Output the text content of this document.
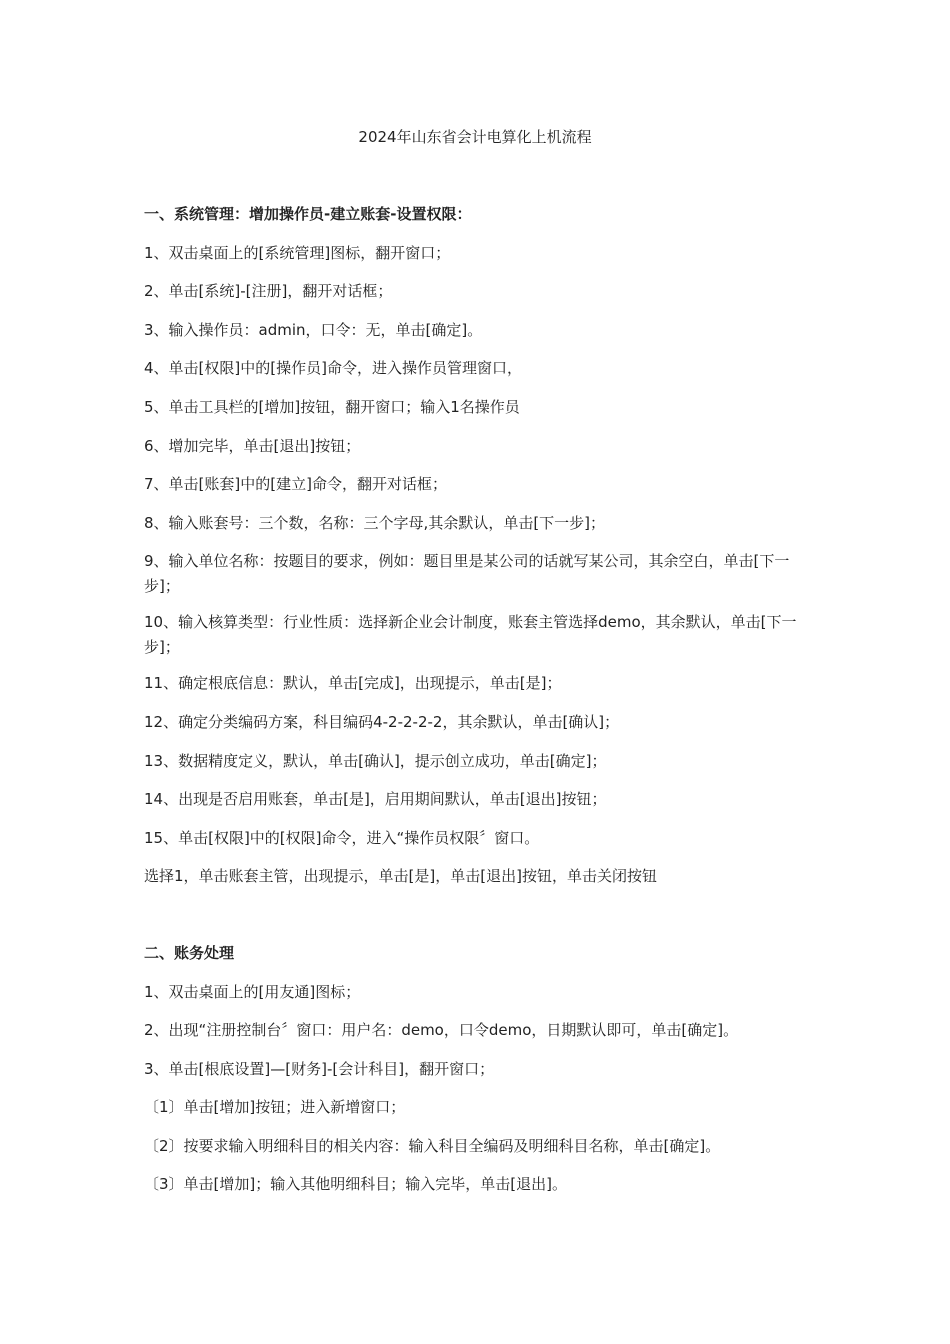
2024年山东省会计电算化上机流程

一、系统管理：增加操作员-建立账套-设置权限：

1、双击桌面上的[系统管理]图标，翻开窗口；

2、单击[系统]-[注册]，翻开对话框；

3、输入操作员：admin，口令：无，单击[确定]。

4、单击[权限]中的[操作员]命令，进入操作员管理窗口，

5、单击工具栏的[增加]按钮，翻开窗口；输入1名操作员

6、增加完毕，单击[退出]按钮；

7、单击[账套]中的[建立]命令，翻开对话框；

8、输入账套号：三个数，名称：三个字母,其余默认，单击[下一步]；

9、输入单位名称：按题目的要求，例如：题目里是某公司的话就写某公司，其余空白，单击[下一步]；

10、输入核算类型：行业性质：选择新企业会计制度，账套主管选择demo，其余默认，单击[下一步]；

11、确定根底信息：默认，单击[完成]，出现提示，单击[是]；

12、确定分类编码方案，科目编码4-2-2-2-2，其余默认，单击[确认]；

13、数据精度定义，默认，单击[确认]，提示创立成功，单击[确定]；

14、出现是否启用账套，单击[是]，启用期间默认，单击[退出]按钮；

15、单击[权限]中的[权限]命令，进入“操作员权限〞窗口。

选择1，单击账套主管，出现提示，单击[是]，单击[退出]按钮，单击关闭按钮

二、账务处理

1、双击桌面上的[用友通]图标；

2、出现“注册控制台〞窗口：用户名：demo，口令demo，日期默认即可，单击[确定]。

3、单击[根底设置]—[财务]-[会计科目]，翻开窗口；

〔1〕单击[增加]按钮；进入新增窗口；

〔2〕按要求输入明细科目的相关内容：输入科目全编码及明细科目名称，单击[确定]。

〔3〕单击[增加]；输入其他明细科目；输入完毕，单击[退出]。
